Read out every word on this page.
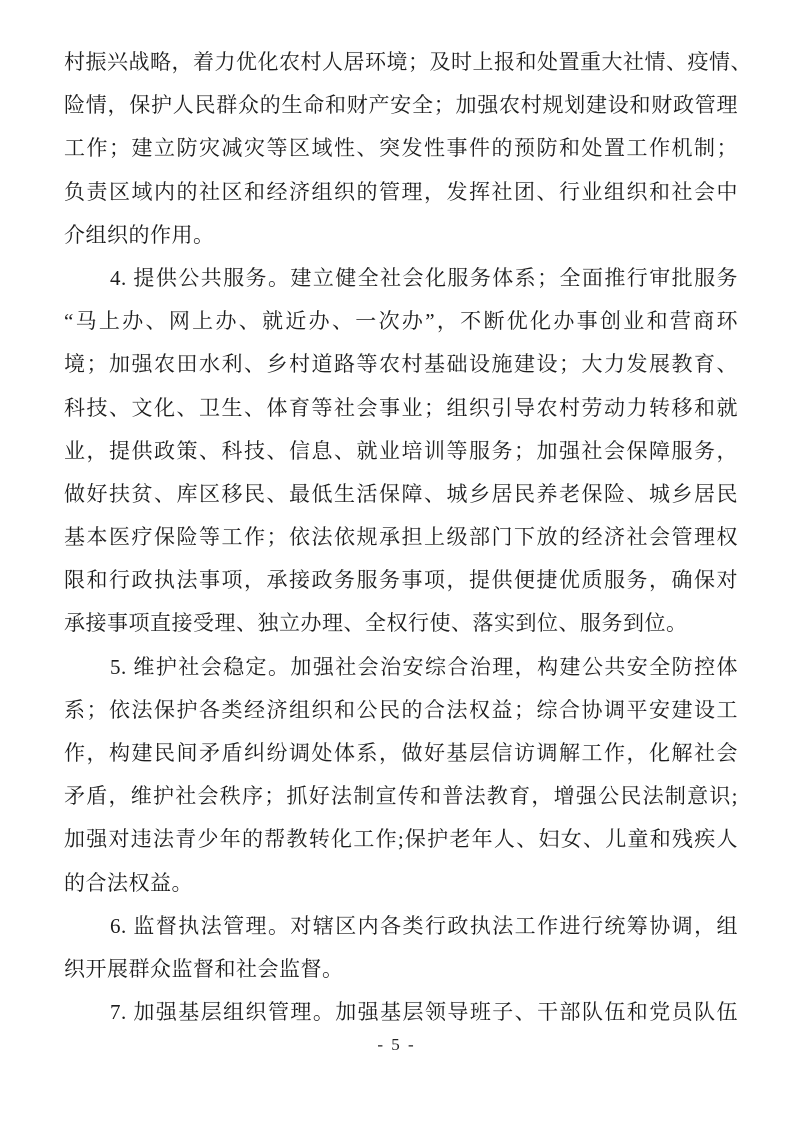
村振兴战略，着力优化农村人居环境；及时上报和处置重大社情、疫情、
险情，保护人民群众的生命和财产安全；加强农村规划建设和财政管理
工作；建立防灾减灾等区域性、突发性事件的预防和处置工作机制；
负责区域内的社区和经济组织的管理，发挥社团、行业组织和社会中
介组织的作用。
4. 提供公共服务。建立健全社会化服务体系；全面推行审批服务
“马上办、网上办、就近办、一次办”，不断优化办事创业和营商环
境；加强农田水利、乡村道路等农村基础设施建设；大力发展教育、
科技、文化、卫生、体育等社会事业；组织引导农村劳动力转移和就
业，提供政策、科技、信息、就业培训等服务；加强社会保障服务，
做好扶贫、库区移民、最低生活保障、城乡居民养老保险、城乡居民
基本医疗保险等工作；依法依规承担上级部门下放的经济社会管理权
限和行政执法事项，承接政务服务事项，提供便捷优质服务，确保对
承接事项直接受理、独立办理、全权行使、落实到位、服务到位。
5. 维护社会稳定。加强社会治安综合治理，构建公共安全防控体
系；依法保护各类经济组织和公民的合法权益；综合协调平安建设工
作，构建民间矛盾纠纷调处体系，做好基层信访调解工作，化解社会
矛盾，维护社会秩序；抓好法制宣传和普法教育，增强公民法制意识;
加强对违法青少年的帮教转化工作;保护老年人、妇女、儿童和残疾人
的合法权益。
6. 监督执法管理。对辖区内各类行政执法工作进行统筹协调，组
织开展群众监督和社会监督。
7. 加强基层组织管理。加强基层领导班子、干部队伍和党员队伍
- 5 -
